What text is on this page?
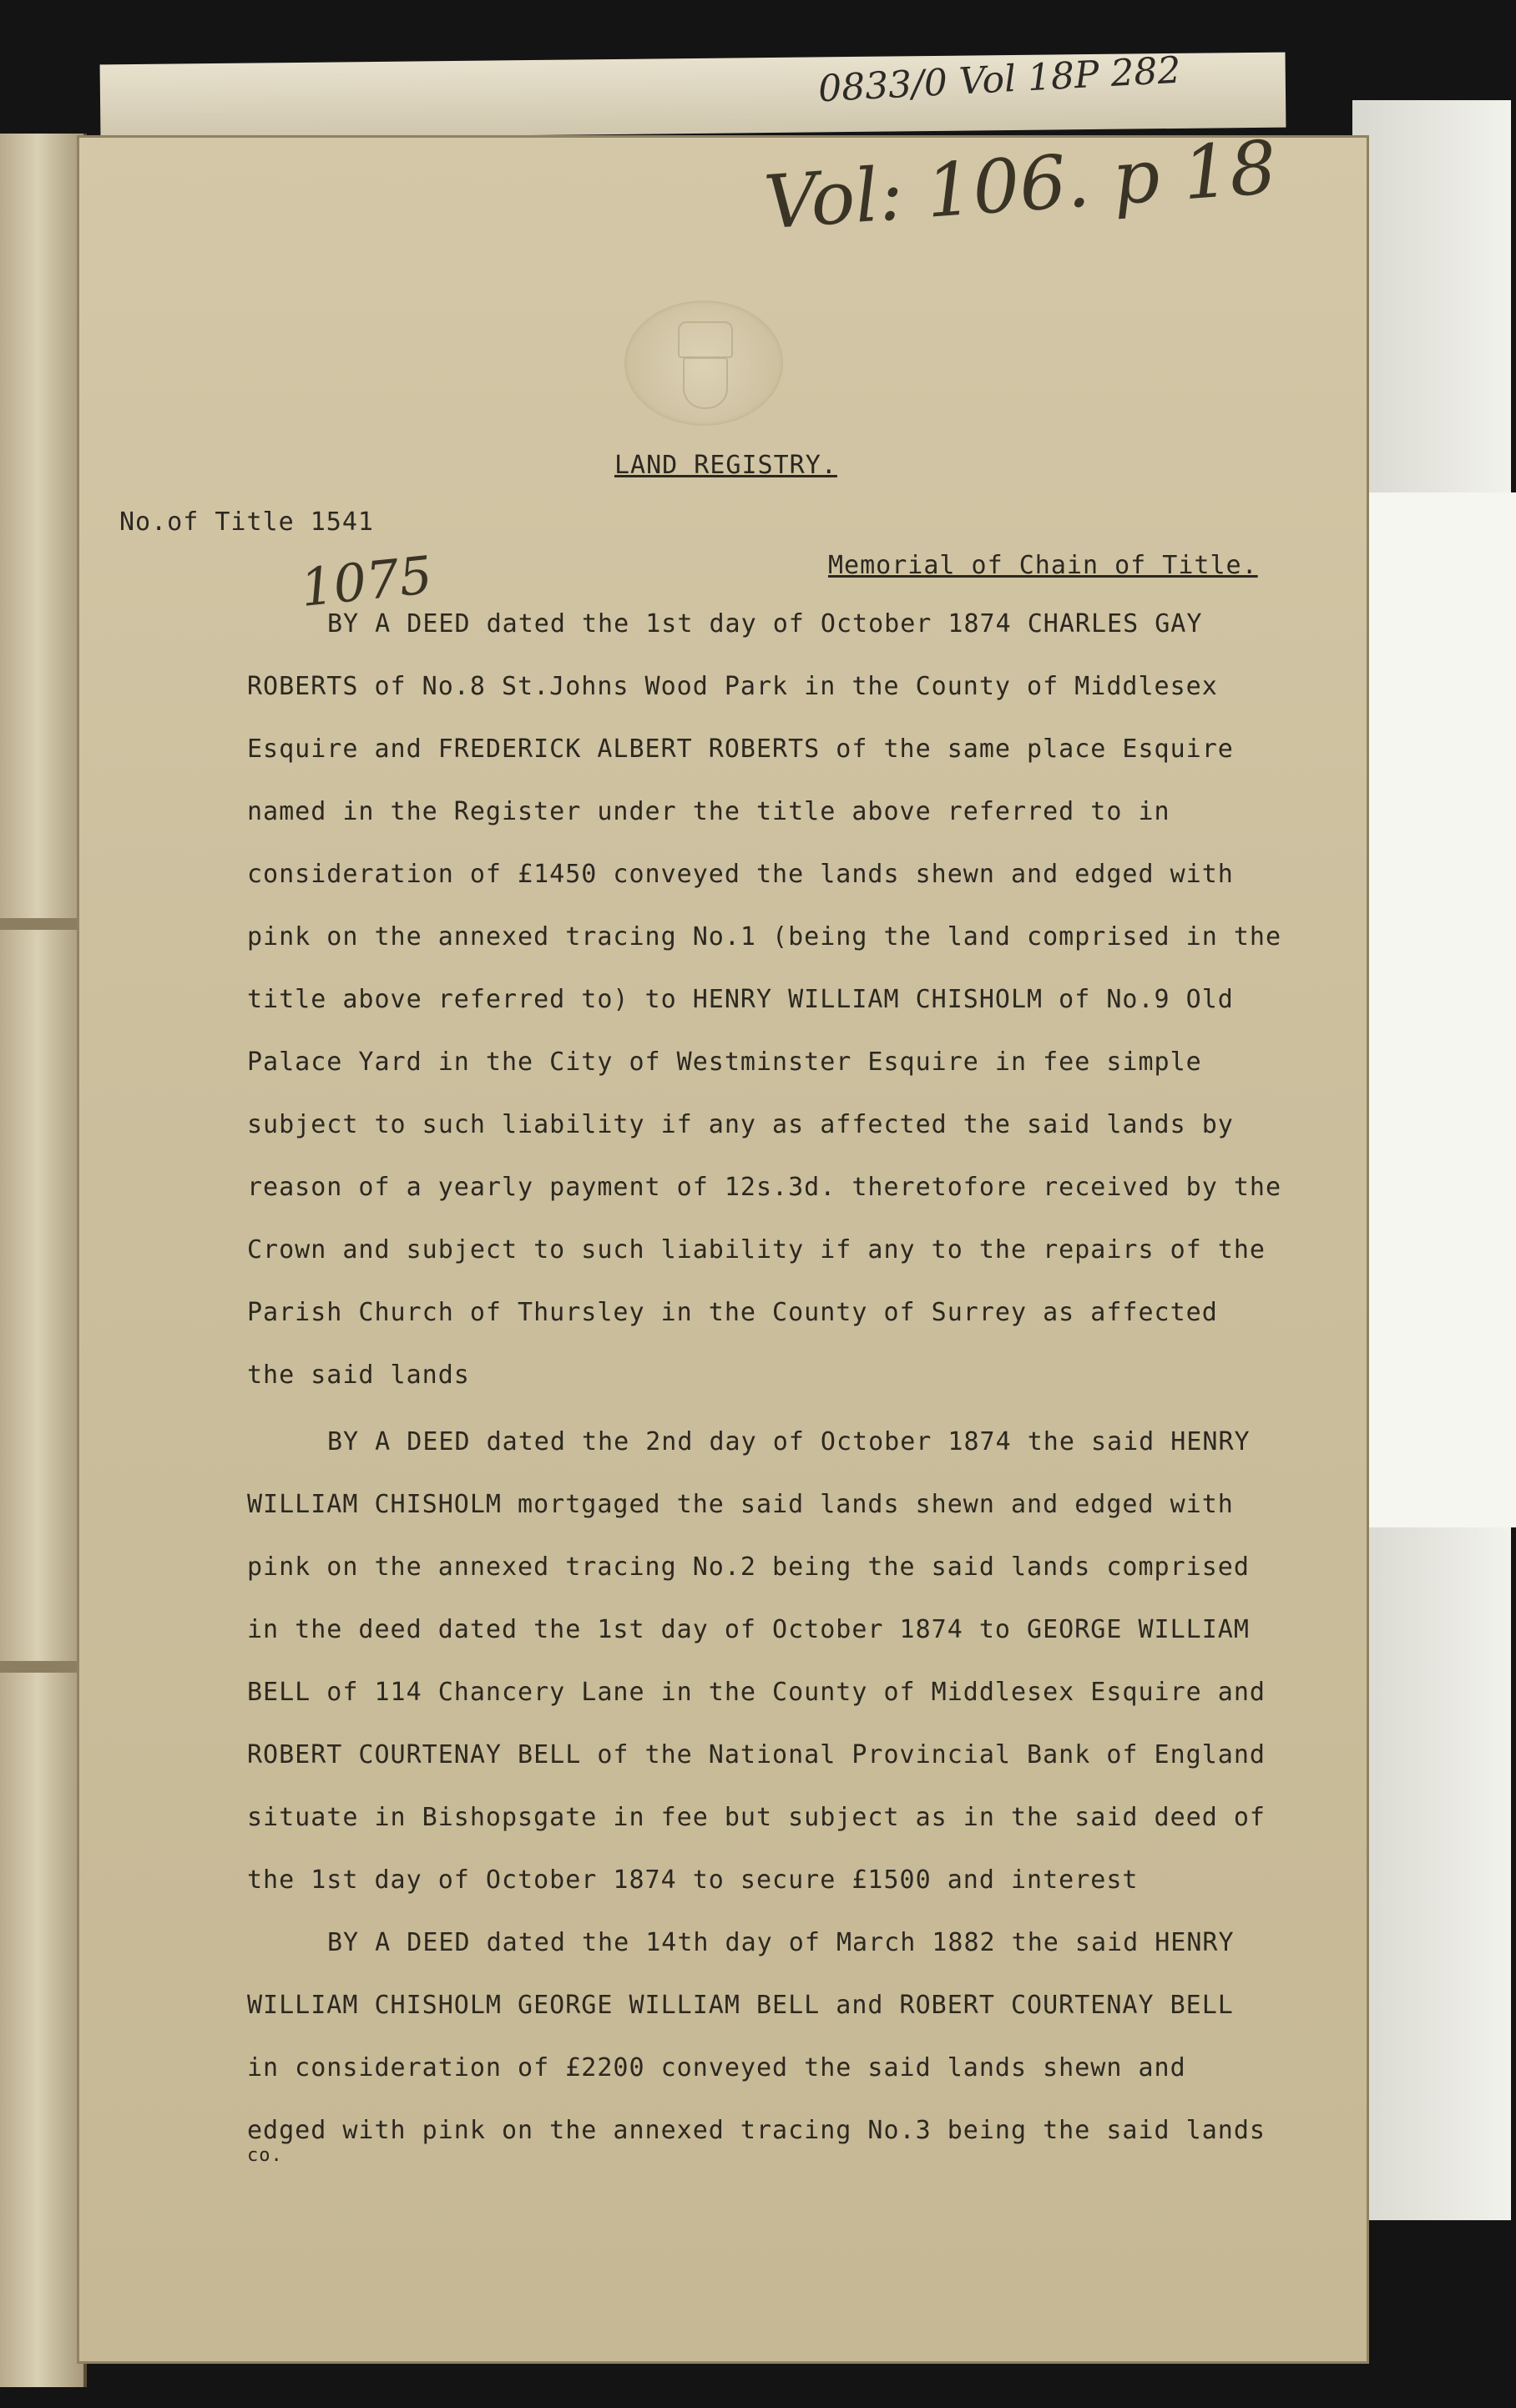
0833/0 Vol 18P 282
Vol: 106. p 18
LAND REGISTRY.
No.of Title 1541
1075	Memorial of Chain of Title.
BY A DEED dated the 1st day of October 1874 CHARLES GAY
ROBERTS of No.8 St.Johns Wood Park in the County of Middlesex
Esquire and FREDERICK ALBERT ROBERTS of the same place Esquire
named in the Register under the title above referred to in
consideration of £1450 conveyed the lands shewn and edged with
pink on the annexed tracing No.1 (being the land comprised in the
title above referred to) to HENRY WILLIAM CHISHOLM of No.9 Old
Palace Yard in the City of Westminster Esquire in fee simple
subject to such liability if any as affected the said lands by
reason of a yearly payment of 12s.3d. theretofore received by the
Crown and subject to such liability if any to the repairs of the
Parish Church of Thursley in the County of Surrey as affected
the said lands
BY A DEED dated the 2nd day of October 1874 the said HENRY
WILLIAM CHISHOLM mortgaged the said lands shewn and edged with
pink on the annexed tracing No.2 being the said lands comprised
in the deed dated the 1st day of October 1874 to GEORGE WILLIAM
BELL of 114 Chancery Lane in the County of Middlesex Esquire and
ROBERT COURTENAY BELL of the National Provincial Bank of England
situate in Bishopsgate in fee but subject as in the said deed of
the 1st day of October 1874 to secure £1500 and interest
BY A DEED dated the 14th day of March 1882 the said HENRY
WILLIAM CHISHOLM GEORGE WILLIAM BELL and ROBERT COURTENAY BELL
in consideration of £2200 conveyed the said lands shewn and
edged with pink on the annexed tracing No.3 being the said lands
co.
